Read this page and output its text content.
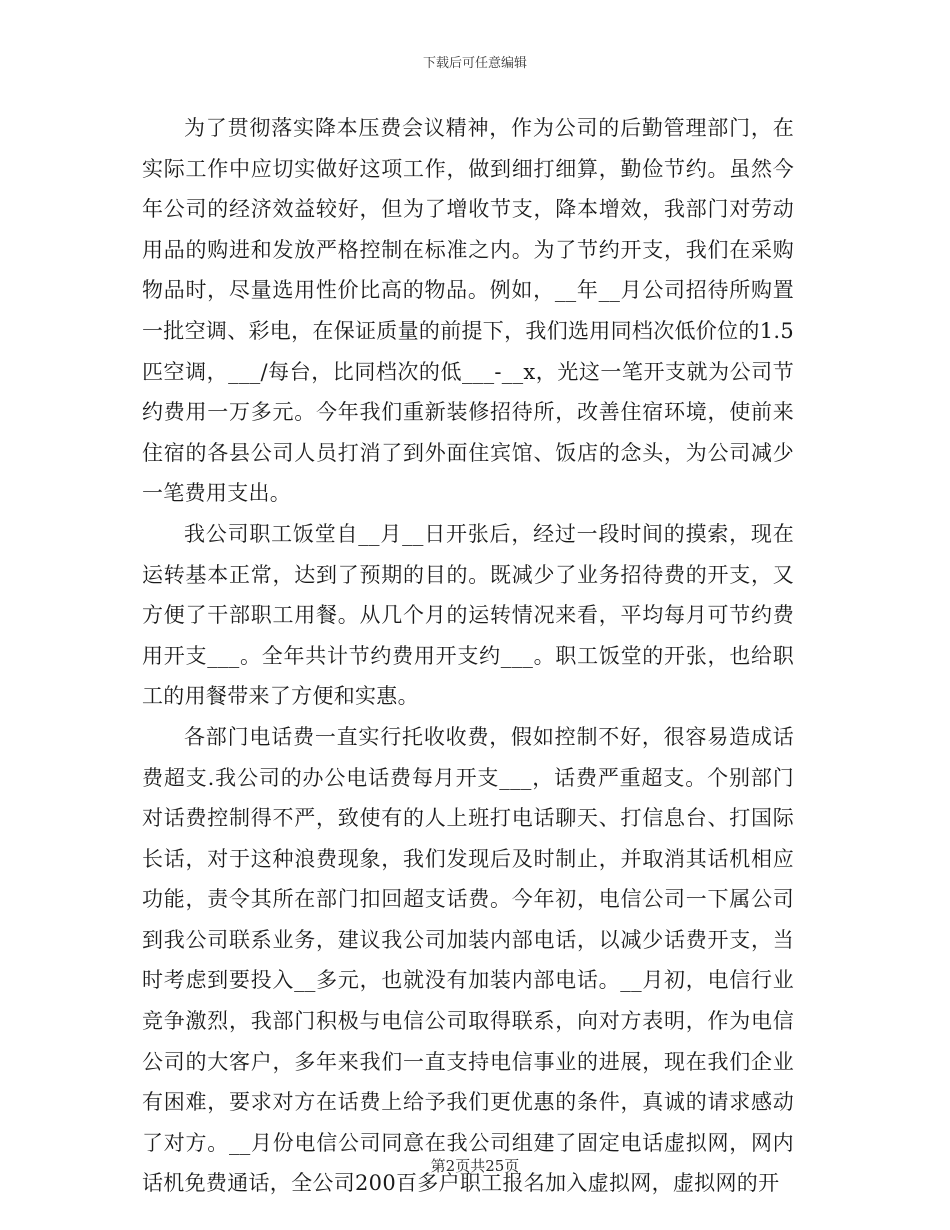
下载后可任意编辑

为了贯彻落实降本压费会议精神，作为公司的后勤管理部门，在实际工作中应切实做好这项工作，做到细打细算，勤俭节约。虽然今年公司的经济效益较好，但为了增收节支，降本增效，我部门对劳动用品的购进和发放严格控制在标准之内。为了节约开支，我们在采购物品时，尽量选用性价比高的物品。例如，__年__月公司招待所购置一批空调、彩电，在保证质量的前提下，我们选用同档次低价位的1.5匹空调，___/每台，比同档次的低___-__x，光这一笔开支就为公司节约费用一万多元。今年我们重新装修招待所，改善住宿环境，使前来住宿的各县公司人员打消了到外面住宾馆、饭店的念头，为公司减少一笔费用支出。

我公司职工饭堂自__月__日开张后，经过一段时间的摸索，现在运转基本正常，达到了预期的目的。既减少了业务招待费的开支，又方便了干部职工用餐。从几个月的运转情况来看，平均每月可节约费用开支___。全年共计节约费用开支约___。职工饭堂的开张，也给职工的用餐带来了方便和实惠。

各部门电话费一直实行托收收费，假如控制不好，很容易造成话费超支.我公司的办公电话费每月开支___，话费严重超支。个别部门对话费控制得不严，致使有的人上班打电话聊天、打信息台、打国际长话，对于这种浪费现象，我们发现后及时制止，并取消其话机相应功能，责令其所在部门扣回超支话费。今年初，电信公司一下属公司到我公司联系业务，建议我公司加装内部电话，以减少话费开支，当时考虑到要投入__多元，也就没有加装内部电话。__月初，电信行业竞争激烈，我部门积极与电信公司取得联系，向对方表明，作为电信公司的大客户，多年来我们一直支持电信事业的进展，现在我们企业有困难，要求对方在话费上给予我们更优惠的条件，真诚的请求感动了对方。__月份电信公司同意在我公司组建了固定电话虚拟网，网内话机免费通话，全公司200百多户职工报名加入虚拟网，虚拟网的开

第2页共25页
